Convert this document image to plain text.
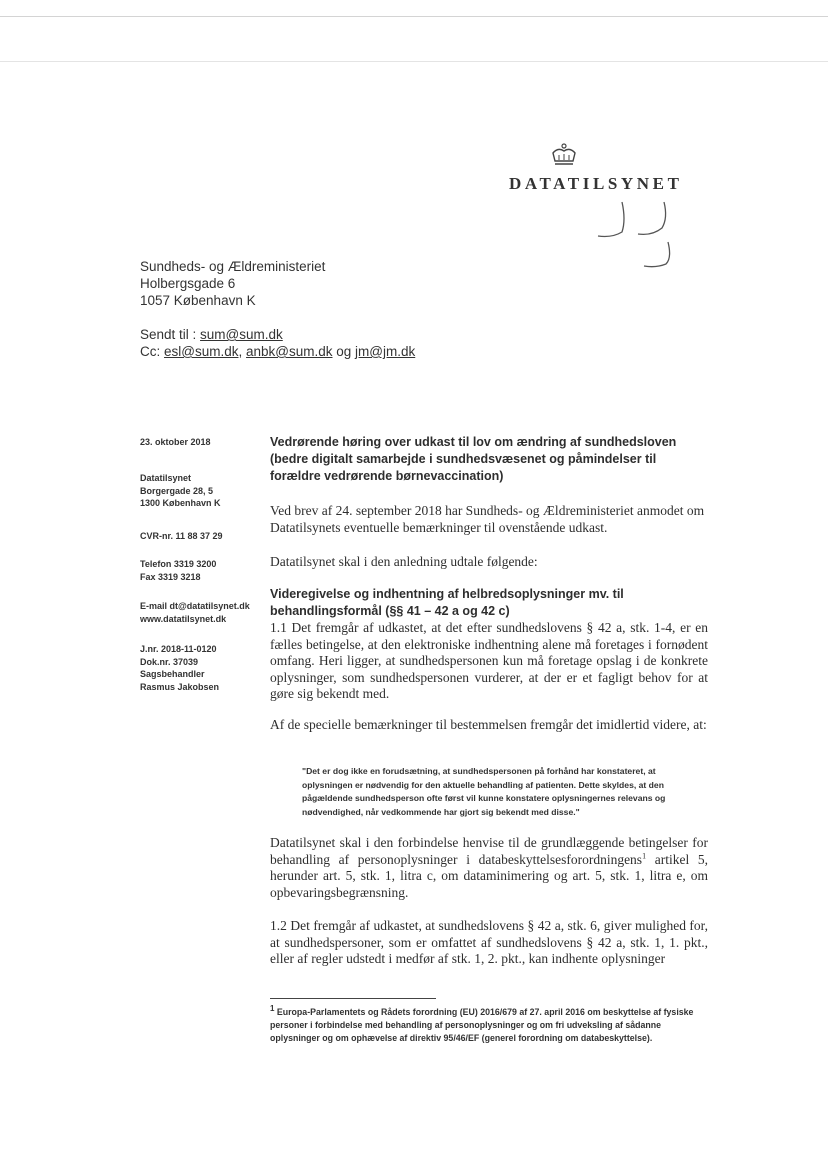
DATATILSYNET
Sundheds- og Ældreministeriet
Holbergsgade 6
1057 København K
Sendt til : sum@sum.dk
Cc: esl@sum.dk, anbk@sum.dk og jm@jm.dk
23. oktober 2018
Datatilsynet
Borgergade 28, 5
1300 København K
CVR-nr. 11 88 37 29
Telefon 3319 3200
Fax 3319 3218
E-mail dt@datatilsynet.dk
www.datatilsynet.dk
J.nr. 2018-11-0120
Dok.nr. 37039
Sagsbehandler
Rasmus Jakobsen
Vedrørende høring over udkast til lov om ændring af sundhedsloven (bedre digitalt samarbejde i sundhedsvæsenet og påmindelser til forældre vedrørende børnevaccination)
Ved brev af 24. september 2018 har Sundheds- og Ældreministeriet anmodet om Datatilsynets eventuelle bemærkninger til ovenstående udkast.
Datatilsynet skal i den anledning udtale følgende:
Videregivelse og indhentning af helbredsoplysninger mv. til behandlingsformål (§§ 41 – 42 a og 42 c)
1.1 Det fremgår af udkastet, at det efter sundhedslovens § 42 a, stk. 1-4, er en fælles betingelse, at den elektroniske indhentning alene må foretages i fornødent omfang. Heri ligger, at sundhedspersonen kun må foretage opslag i de konkrete oplysninger, som sundhedspersonen vurderer, at der er et fagligt behov for at gøre sig bekendt med.
Af de specielle bemærkninger til bestemmelsen fremgår det imidlertid videre, at:
"Det er dog ikke en forudsætning, at sundhedspersonen på forhånd har konstateret, at oplysningen er nødvendig for den aktuelle behandling af patienten. Dette skyldes, at den pågældende sundhedsperson ofte først vil kunne konstatere oplysningernes relevans og nødvendighed, når vedkommende har gjort sig bekendt med disse."
Datatilsynet skal i den forbindelse henvise til de grundlæggende betingelser for behandling af personoplysninger i databeskyttelsesforordningens$^1$ artikel 5, herunder art. 5, stk. 1, litra c, om dataminimering og art. 5, stk. 1, litra e, om opbevaringsbegrænsning.
1.2 Det fremgår af udkastet, at sundhedslovens § 42 a, stk. 6, giver mulighed for, at sundhedspersoner, som er omfattet af sundhedslovens § 42 a, stk. 1, 1. pkt., eller af regler udstedt i medfør af stk. 1, 2. pkt., kan indhente oplysninger
$^1$ Europa-Parlamentets og Rådets forordning (EU) 2016/679 af 27. april 2016 om beskyttelse af fysiske personer i forbindelse med behandling af personoplysninger og om fri udveksling af sådanne oplysninger og om ophævelse af direktiv 95/46/EF (generel forordning om databeskyttelse).
